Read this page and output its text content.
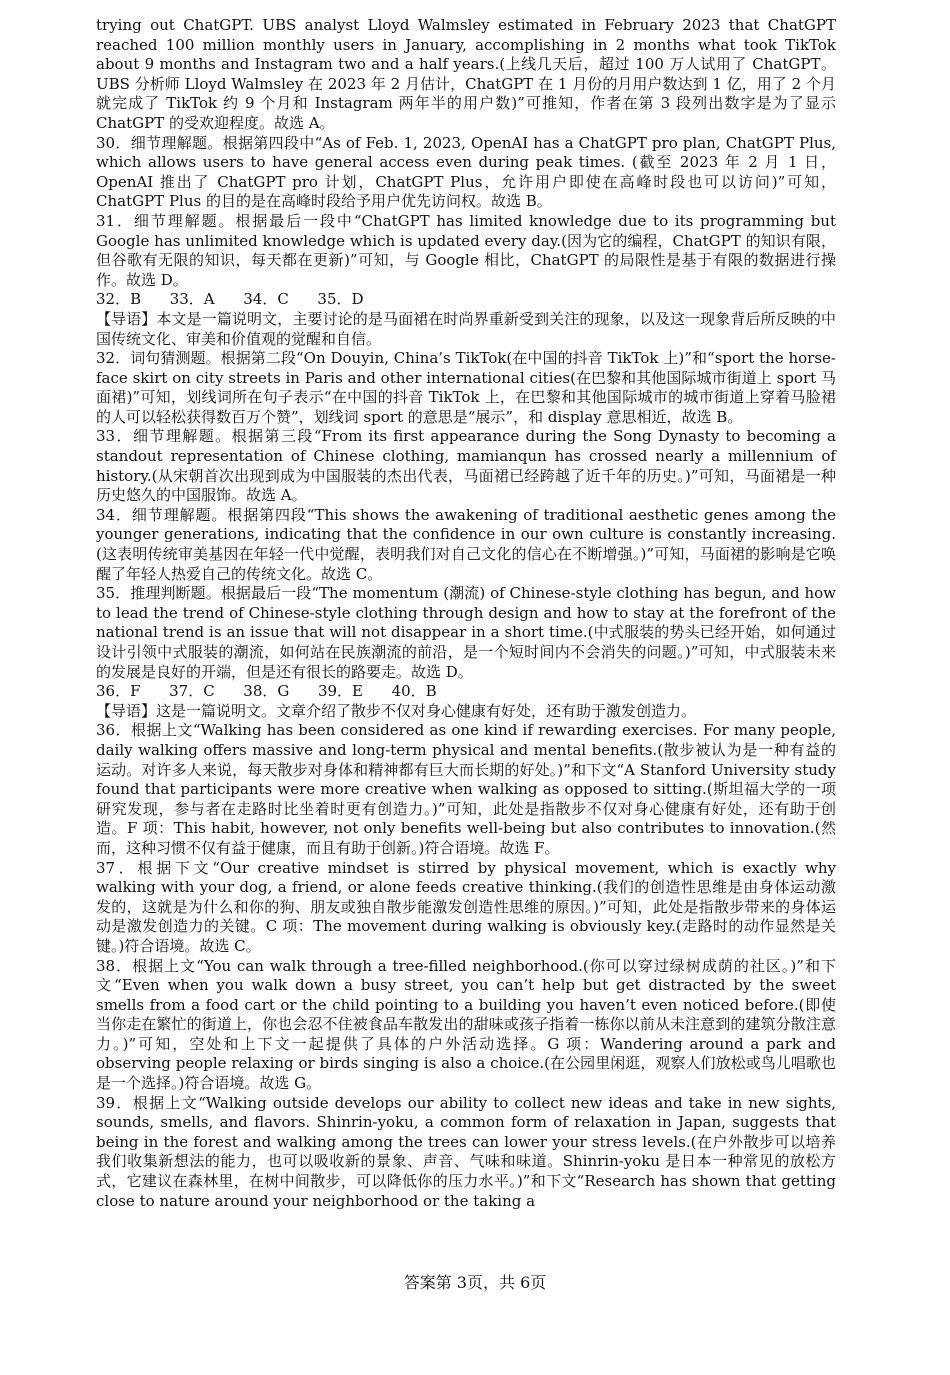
trying out ChatGPT. UBS analyst Lloyd Walmsley estimated in February 2023 that ChatGPT reached 100 million monthly users in January, accomplishing in 2 months what took TikTok about 9 months and Instagram two and a half years.(上线几天后，超过 100 万人试用了 ChatGPT。UBS 分析师 Lloyd Walmsley 在 2023 年 2 月估计，ChatGPT 在 1 月份的月用户数达到 1 亿，用了 2 个月就完成了 TikTok 约 9 个月和 Instagram 两年半的用户数)”可推知，作者在第 3 段列出数字是为了显示 ChatGPT 的受欢迎程度。故选 A。

30．细节理解题。根据第四段中“As of Feb. 1, 2023, OpenAI has a ChatGPT pro plan, ChatGPT Plus, which allows users to have general access even during peak times. (截至 2023 年 2 月 1 日，OpenAI 推出了 ChatGPT pro 计划，ChatGPT Plus，允许用户即使在高峰时段也可以访问)”可知，ChatGPT Plus 的目的是在高峰时段给予用户优先访问权。故选 B。

31．细节理解题。根据最后一段中“ChatGPT has limited knowledge due to its programming but Google has unlimited knowledge which is updated every day.(因为它的编程，ChatGPT 的知识有限，但谷歌有无限的知识，每天都在更新)”可知，与 Google 相比，ChatGPT 的局限性是基于有限的数据进行操作。故选 D。

32．B      33．A      34．C      35．D

【导语】本文是一篇说明文，主要讨论的是马面裙在时尚界重新受到关注的现象，以及这一现象背后所反映的中国传统文化、审美和价值观的觉醒和自信。

32．词句猜测题。根据第二段“On Douyin, China’s TikTok(在中国的抖音 TikTok 上)”和“sport the horse-face skirt on city streets in Paris and other international cities(在巴黎和其他国际城市街道上 sport 马面裙)”可知，划线词所在句子表示“在中国的抖音 TikTok 上，在巴黎和其他国际城市的城市街道上穿着马脸裙的人可以轻松获得数百万个赞”，划线词 sport 的意思是“展示”，和 display 意思相近，故选 B。

33．细节理解题。根据第三段“From its first appearance during the Song Dynasty to becoming a standout representation of Chinese clothing, mamianqun has crossed nearly a millennium of history.(从宋朝首次出现到成为中国服装的杰出代表，马面裙已经跨越了近千年的历史。)”可知，马面裙是一种历史悠久的中国服饰。故选 A。

34．细节理解题。根据第四段“This shows the awakening of traditional aesthetic genes among the younger generations, indicating that the confidence in our own culture is constantly increasing.(这表明传统审美基因在年轻一代中觉醒，表明我们对自己文化的信心在不断增强。)”可知，马面裙的影响是它唤醒了年轻人热爱自己的传统文化。故选 C。

35．推理判断题。根据最后一段“The momentum (潮流) of Chinese-style clothing has begun, and how to lead the trend of Chinese-style clothing through design and how to stay at the forefront of the national trend is an issue that will not disappear in a short time.(中式服装的势头已经开始，如何通过设计引领中式服装的潮流，如何站在民族潮流的前沿，是一个短时间内不会消失的问题。)”可知，中式服装未来的发展是良好的开端，但是还有很长的路要走。故选 D。

36．F      37．C      38．G      39．E      40．B

【导语】这是一篇说明文。文章介绍了散步不仅对身心健康有好处，还有助于激发创造力。

36．根据上文“Walking has been considered as one kind if rewarding exercises. For many people, daily walking offers massive and long-term physical and mental benefits.(散步被认为是一种有益的运动。对许多人来说，每天散步对身体和精神都有巨大而长期的好处。)”和下文“A Stanford University study found that participants were more creative when walking as opposed to sitting.(斯坦福大学的一项研究发现，参与者在走路时比坐着时更有创造力。)”可知，此处是指散步不仅对身心健康有好处，还有助于创造。F 项：This habit, however, not only benefits well-being but also contributes to innovation.(然而，这种习惯不仅有益于健康，而且有助于创新。)符合语境。故选 F。

37．根据下文“Our creative mindset is stirred by physical movement, which is exactly why walking with your dog, a friend, or alone feeds creative thinking.(我们的创造性思维是由身体运动激发的，这就是为什么和你的狗、朋友或独自散步能激发创造性思维的原因。)”可知，此处是指散步带来的身体运动是激发创造力的关键。C 项：The movement during walking is obviously key.(走路时的动作显然是关键。)符合语境。故选 C。

38．根据上文“You can walk through a tree-filled neighborhood.(你可以穿过绿树成荫的社区。)”和下文“Even when you walk down a busy street, you can’t help but get distracted by the sweet smells from a food cart or the child pointing to a building you haven’t even noticed before.(即使当你走在繁忙的街道上，你也会忍不住被食品车散发出的甜味或孩子指着一栋你以前从未注意到的建筑分散注意力。)”可知，空处和上下文一起提供了具体的户外活动选择。G 项：Wandering around a park and observing people relaxing or birds singing is also a choice.(在公园里闲逛，观察人们放松或鸟儿唱歌也是一个选择。)符合语境。故选 G。

39．根据上文“Walking outside develops our ability to collect new ideas and take in new sights, sounds, smells, and flavors. Shinrin-yoku, a common form of relaxation in Japan, suggests that being in the forest and walking among the trees can lower your stress levels.(在户外散步可以培养我们收集新想法的能力，也可以吸收新的景象、声音、气味和味道。Shinrin-yoku 是日本一种常见的放松方式，它建议在森林里，在树中间散步，可以降低你的压力水平。)”和下文“Research has shown that getting close to nature around your neighborhood or the taking a

答案第 3页，共 6页
